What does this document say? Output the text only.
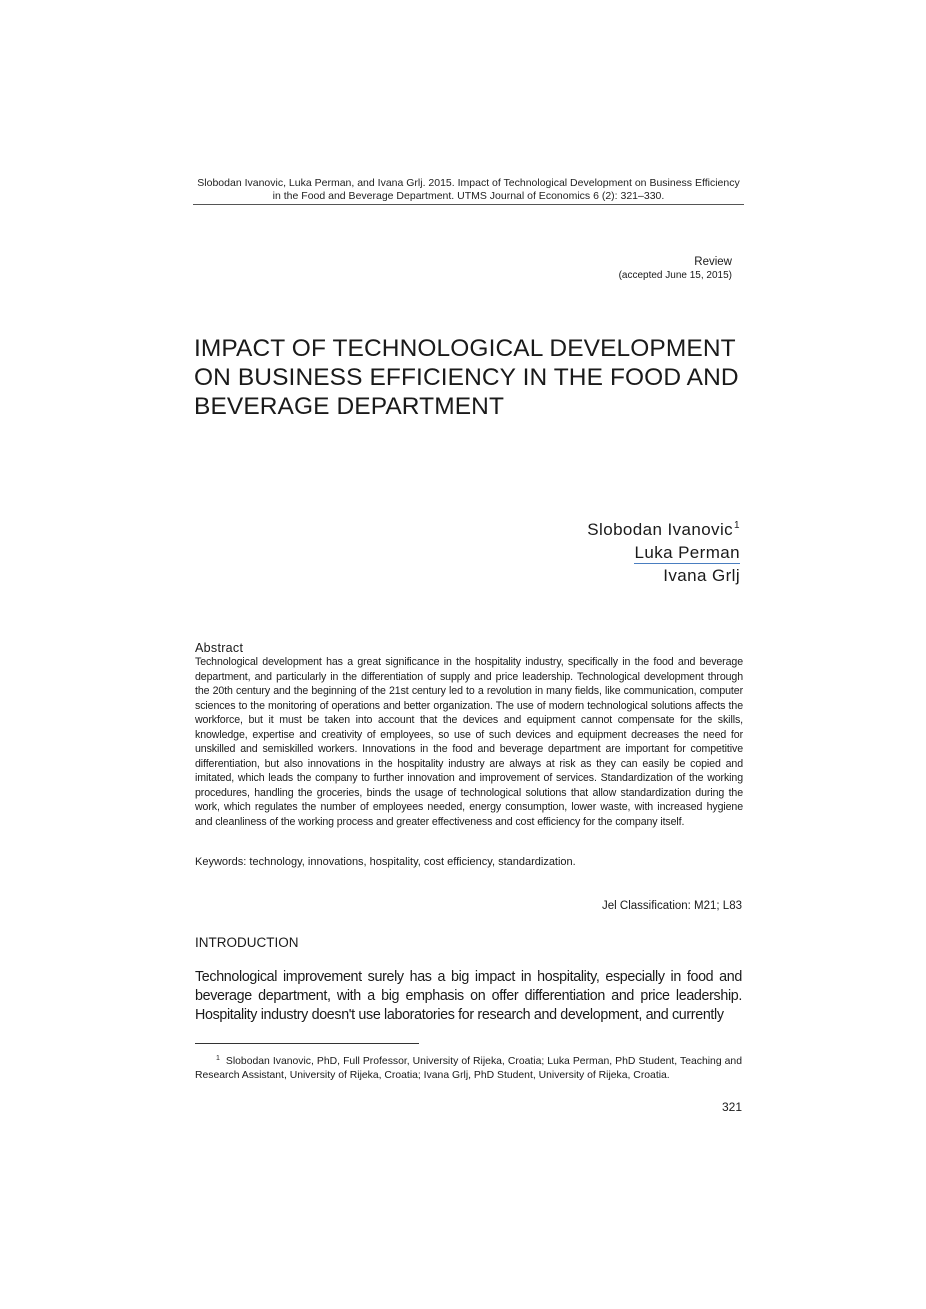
Slobodan Ivanovic, Luka Perman, and Ivana Grlj. 2015. Impact of Technological Development on Business Efficiency in the Food and Beverage Department. UTMS Journal of Economics 6 (2): 321–330.
Review
(accepted June 15, 2015)
IMPACT OF TECHNOLOGICAL DEVELOPMENT ON BUSINESS EFFICIENCY IN THE FOOD AND BEVERAGE DEPARTMENT
Slobodan Ivanovic$^1$
Luka Perman
Ivana Grlj
Abstract
Technological development has a great significance in the hospitality industry, specifically in the food and beverage department, and particularly in the differentiation of supply and price leadership. Technological development through the 20th century and the beginning of the 21st century led to a revolution in many fields, like communication, computer sciences to the monitoring of operations and better organization. The use of modern technological solutions affects the workforce, but it must be taken into account that the devices and equipment cannot compensate for the skills, knowledge, expertise and creativity of employees, so use of such devices and equipment decreases the need for unskilled and semiskilled workers. Innovations in the food and beverage department are important for competitive differentiation, but also innovations in the hospitality industry are always at risk as they can easily be copied and imitated, which leads the company to further innovation and improvement of services. Standardization of the working procedures, handling the groceries, binds the usage of technological solutions that allow standardization during the work, which regulates the number of employees needed, energy consumption, lower waste, with increased hygiene and cleanliness of the working process and greater effectiveness and cost efficiency for the company itself.
Keywords: technology, innovations, hospitality, cost efficiency, standardization.
Jel Classification: M21; L83
INTRODUCTION
Technological improvement surely has a big impact in hospitality, especially in food and beverage department, with a big emphasis on offer differentiation and price leadership. Hospitality industry doesn't use laboratories for research and development, and currently
$^1$ Slobodan Ivanovic, PhD, Full Professor, University of Rijeka, Croatia; Luka Perman, PhD Student, Teaching and Research Assistant, University of Rijeka, Croatia; Ivana Grlj, PhD Student, University of Rijeka, Croatia.
321
